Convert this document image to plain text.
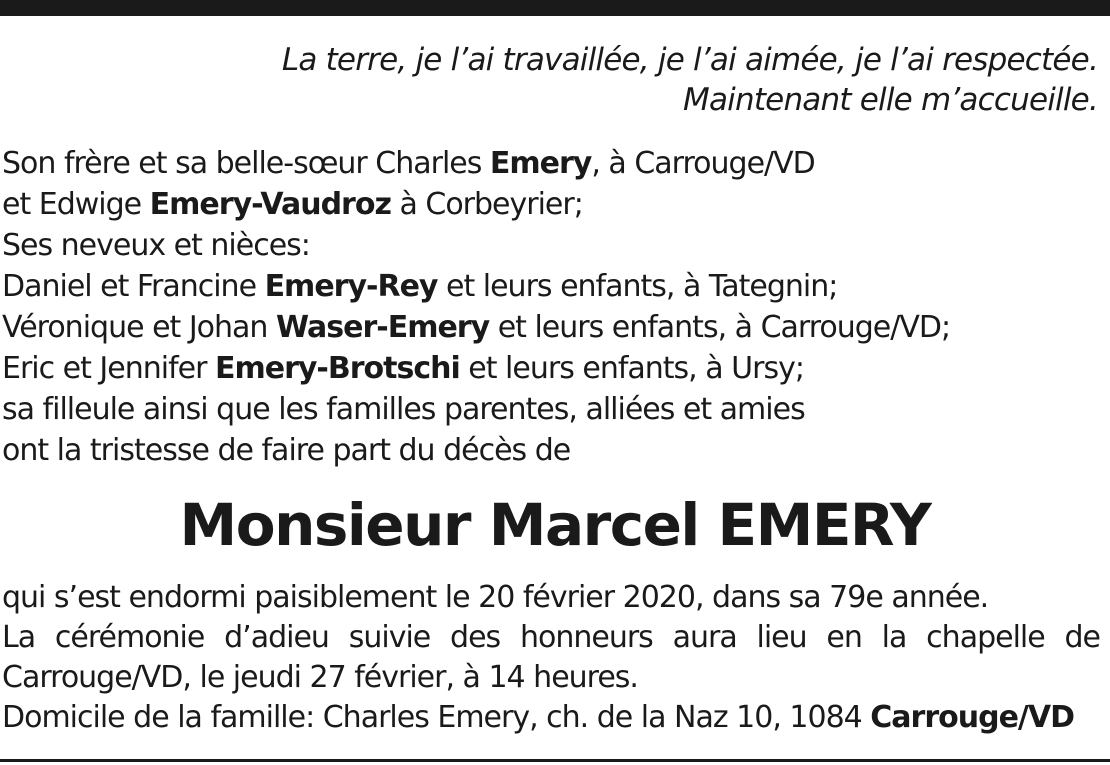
La terre, je l’ai travaillée, je l’ai aimée, je l’ai respectée.
Maintenant elle m’accueille.
Son frère et sa belle-sœur Charles Emery, à Carrouge/VD
et Edwige Emery-Vaudroz à Corbeyrier;
Ses neveux et nièces:
Daniel et Francine Emery-Rey et leurs enfants, à Tategnin;
Véronique et Johan Waser-Emery et leurs enfants, à Carrouge/VD;
Eric et Jennifer Emery-Brotschi et leurs enfants, à Ursy;
sa filleule ainsi que les familles parentes, alliées et amies
ont la tristesse de faire part du décès de
Monsieur Marcel EMERY
qui s’est endormi paisiblement le 20 février 2020, dans sa 79e année.
La cérémonie d’adieu suivie des honneurs aura lieu en la chapelle de
Carrouge/VD, le jeudi 27 février, à 14 heures.
Domicile de la famille: Charles Emery, ch. de la Naz 10, 1084 Carrouge/VD
